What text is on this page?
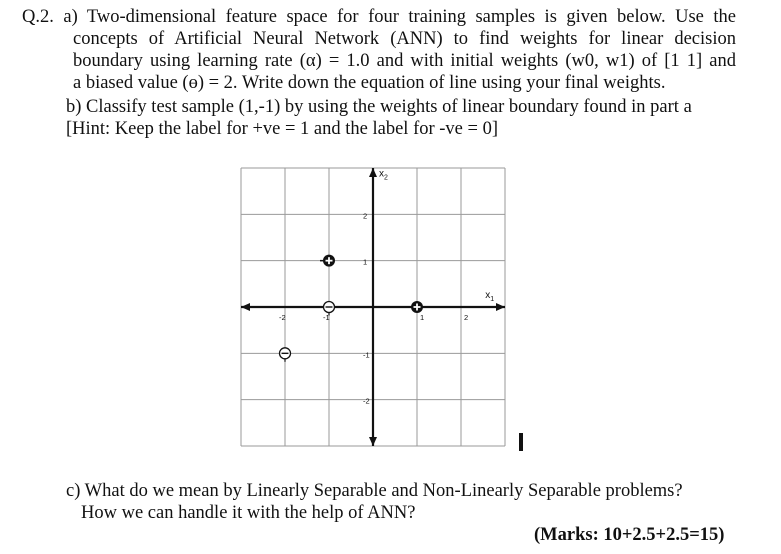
Q.2. a) Two-dimensional feature space for four training samples is given below. Use the
concepts of Artificial Neural Network (ANN) to find weights for linear decision
boundary using learning rate (α) = 1.0 and with initial weights (w0, w1) of [1 1] and
a biased value (ɵ) = 2. Write down the equation of line using your final weights.
b) Classify test sample (1,-1) by using the weights of linear boundary found in part a
[Hint: Keep the label for +ve = 1 and the label for -ve = 0]
$x_1$
$x_2$
-2	-1	1	2
2
1
-1
-2
c) What do we mean by Linearly Separable and Non-Linearly Separable problems?
How we can handle it with the help of ANN?
(Marks: 10+2.5+2.5=15)
